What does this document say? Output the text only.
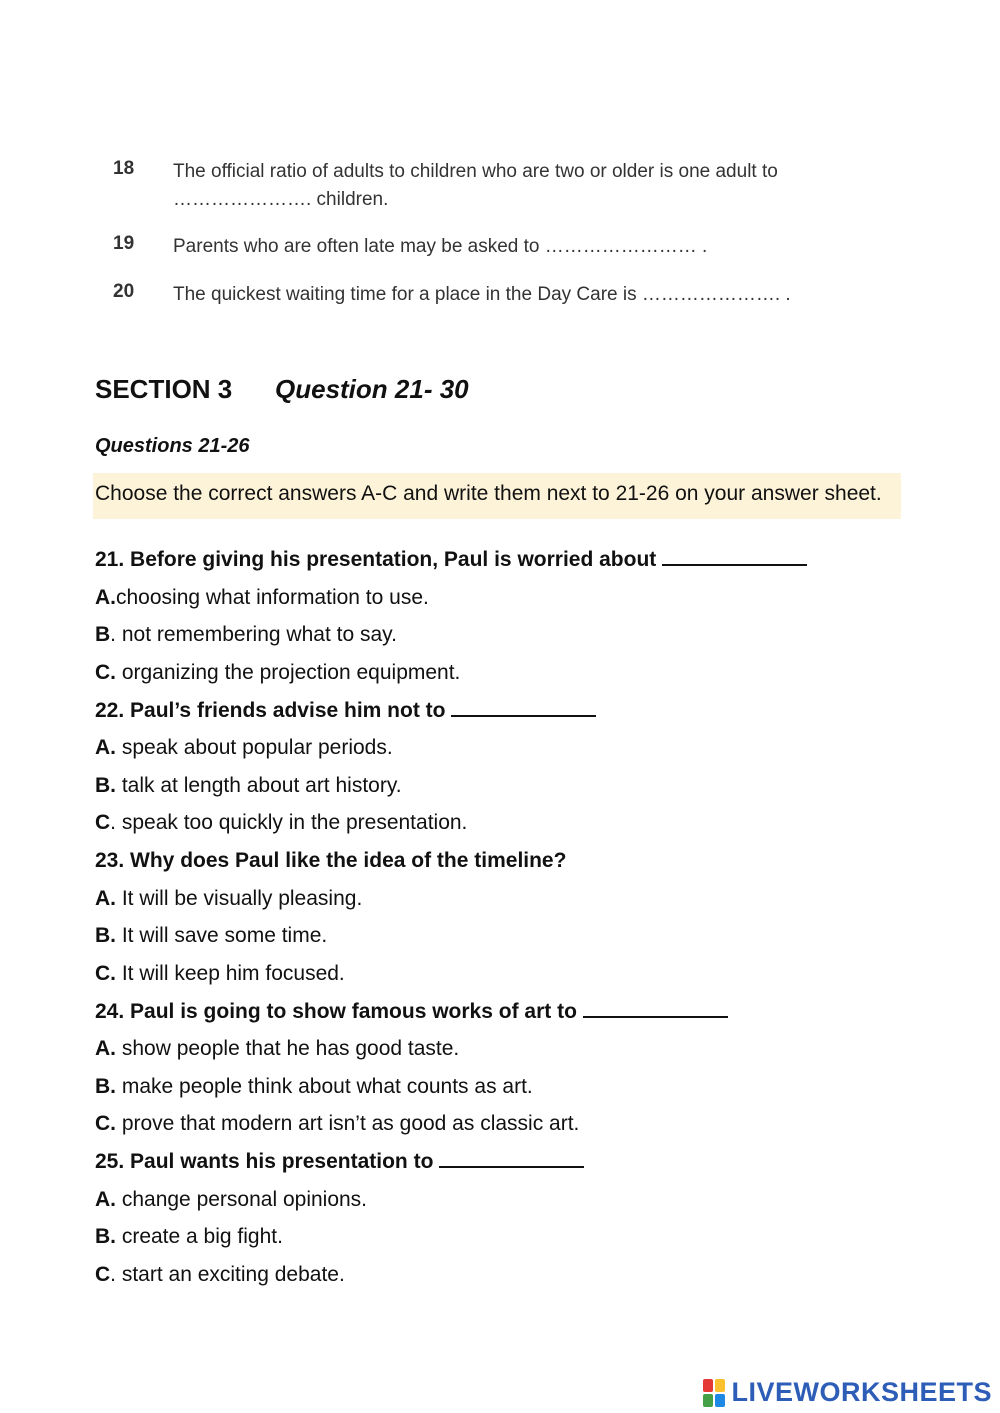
18 The official ratio of adults to children who are two or older is one adult to …………………. children.
19 Parents who are often late may be asked to …………………… .
20 The quickest waiting time for a place in the Day Care is …………………. .
SECTION 3 Question 21- 30
Questions 21-26
Choose the correct answers A-C and write them next to 21-26 on your answer sheet.
21. Before giving his presentation, Paul is worried about
A.choosing what information to use.
B. not remembering what to say.
C. organizing the projection equipment.
22. Paul’s friends advise him not to
A. speak about popular periods.
B. talk at length about art history.
C. speak too quickly in the presentation.
23. Why does Paul like the idea of the timeline?
A. It will be visually pleasing.
B. It will save some time.
C. It will keep him focused.
24. Paul is going to show famous works of art to
A. show people that he has good taste.
B. make people think about what counts as art.
C. prove that modern art isn’t as good as classic art.
25. Paul wants his presentation to
A. change personal opinions.
B. create a big fight.
C. start an exciting debate.
LIVEWORKSHEETS
